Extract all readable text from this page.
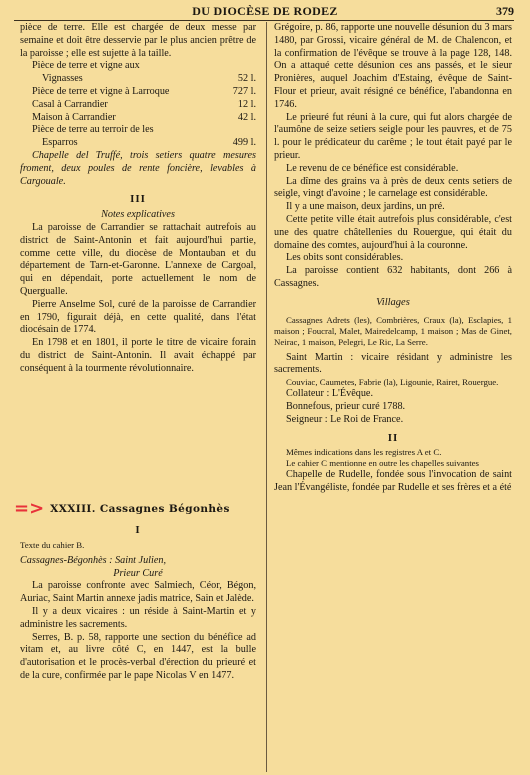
DU DIOCÈSE DE RODEZ	379

pièce de terre. Elle est chargée de deux messe par semaine et doit être desservie par le plus ancien prêtre de la paroisse ; elle est sujette à la taille.

Pièce de terre et vigne aux
Vignasses	52 l.
Pièce de terre et vigne à Larroque	727 l.
Casal à Carrandier	12 l.
Maison à Carrandier	42 l.
Pièce de terre au terroir de les
Esparros	499 l.

Chapelle del Truffé, trois setiers quatre mesures froment, deux poules de rente foncière, levables à Cargouale.

III
Notes explicatives

La paroisse de Carrandier se rattachait autrefois au district de Saint-Antonin et fait aujourd'hui partie, comme cette ville, du diocèse de Montauban et du département de Tarn-et-Garonne. L'annexe de Cargoal, qui en dépendait, porte actuellement le nom de Quergualle.

Pierre Anselme Sol, curé de la paroisse de Carrandier en 1790, figurait déjà, en cette qualité, dans l'état diocésain de 1774.

En 1798 et en 1801, il porte le titre de vicaire forain du district de Saint-Antonin. Il avait échappé par conséquent à la tourmente révolutionnaire.

=> XXXIII. Cassagnes Bégonhès
I
Texte du cahier B.
Cassagnes-Bégonhès : Saint Julien,
Prieur Curé

La paroisse confronte avec Salmiech, Céor, Bégon, Auriac, Saint Martin annexe jadis matrice, Sain et Jalède.

Il y a deux vicaires : un réside à Saint-Martin et y administre les sacrements.

Serres, B. p. 58, rapporte une section du bénéfice ad vitam et, au livre côté C, en 1447, est la bulle d'autorisation et le procès-verbal d'érection du prieuré et de la cure, confirmée par le pape Nicolas V en 1477.

Grégoire, p. 86, rapporte une nouvelle désunion du 3 mars 1480, par Grossi, vicaire général de M. de Chalencon, et la confirmation de l'évêque se trouve à la page 128, 148. On a attaqué cette désunion ces ans passés, et le sieur Pronières, auquel Joachim d'Estaing, évêque de Saint-Flour et prieur, avait résigné ce bénéfice, l'abandonna en 1746.

Le prieuré fut réuni à la cure, qui fut alors chargée de l'aumône de seize setiers seigle pour les pauvres, et de 75 l. pour le prédicateur du carême ; le tout était payé par le prieur.

Le revenu de ce bénéfice est considérable.

La dîme des grains va à près de deux cents setiers de seigle, vingt d'avoine ; le carnelage est considérable.

Il y a une maison, deux jardins, un pré.

Cette petite ville était autrefois plus considérable, c'est une des quatre châtellenies du Rouergue, qui était du domaine des comtes, aujourd'hui à la couronne.

Les obits sont considérables.

La paroisse contient 632 habitants, dont 266 à Cassagnes.

Villages

Cassagnes Adrets (les), Combrières, Craux (la), Esclapies, 1 maison ; Foucral, Malet, Mairedelcamp, 1 maison ; Mas de Ginet, Neirac, 1 maison, Pelegri, Le Ric, La Serre.

Saint Martin : vicaire résidant y administre les sacrements.

Couviac, Caumetes, Fabrie (la), Ligounie, Rairet, Rouergue.

Collateur : L'Évêque.

Bonnefous, prieur curé 1788.

Seigneur : Le Roi de France.

II

Mêmes indications dans les registres A et C.

Le cahier C mentionne en outre les chapelles suivantes

Chapelle de Rudelle, fondée sous l'invocation de saint Jean l'Évangéliste, fondée par Rudelle et ses frères et a été
